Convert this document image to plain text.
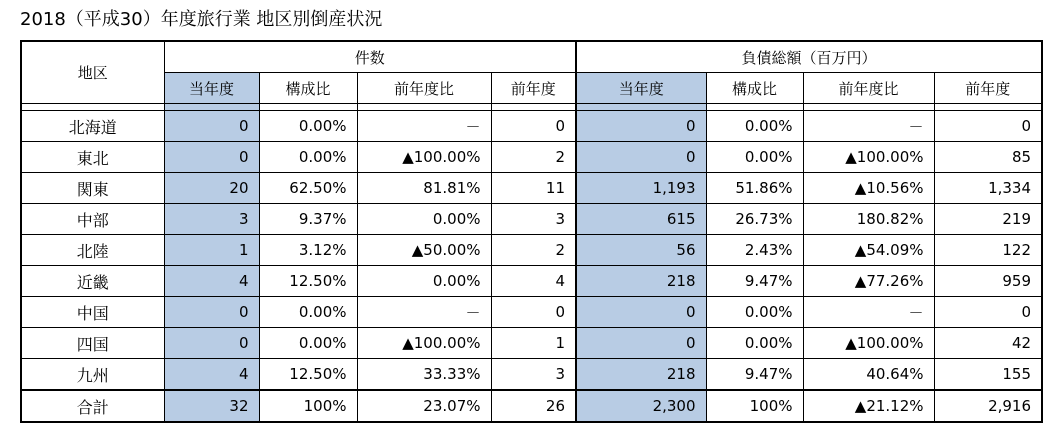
2018（平成30）年度旅行業 地区別倒産状況
地区	件数				負債総額（百万円）			
	当年度	構成比	前年度比	前年度	当年度	構成比	前年度比	前年度

北海道	0	0.00%	－	0	0	0.00%	－	0
東北	0	0.00%	▲100.00%	2	0	0.00%	▲100.00%	85
関東	20	62.50%	81.81%	11	1,193	51.86%	▲10.56%	1,334
中部	3	9.37%	0.00%	3	615	26.73%	180.82%	219
北陸	1	3.12%	▲50.00%	2	56	2.43%	▲54.09%	122
近畿	4	12.50%	0.00%	4	218	9.47%	▲77.26%	959
中国	0	0.00%	－	0	0	0.00%	－	0
四国	0	0.00%	▲100.00%	1	0	0.00%	▲100.00%	42
九州	4	12.50%	33.33%	3	218	9.47%	40.64%	155
合計	32	100%	23.07%	26	2,300	100%	▲21.12%	2,916
